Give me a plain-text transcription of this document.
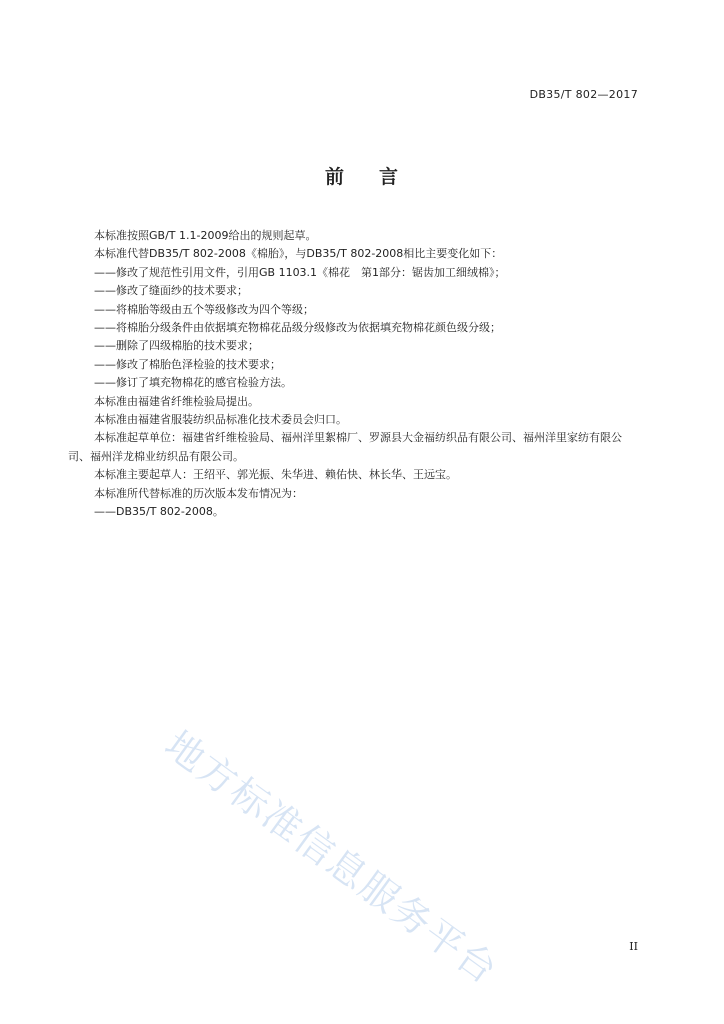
DB35/T 802—2017
前 言

本标准按照GB/T 1.1-2009给出的规则起草。

本标准代替DB35/T 802-2008《棉胎》，与DB35/T 802-2008相比主要变化如下：

——修改了规范性引用文件，引用GB 1103.1《棉花　第1部分：锯齿加工细绒棉》；

——修改了缝面纱的技术要求；

——将棉胎等级由五个等级修改为四个等级；

——将棉胎分级条件由依据填充物棉花品级分级修改为依据填充物棉花颜色级分级；

——删除了四级棉胎的技术要求；

——修改了棉胎色泽检验的技术要求；

——修订了填充物棉花的感官检验方法。

本标准由福建省纤维检验局提出。

本标准由福建省服装纺织品标准化技术委员会归口。

本标准起草单位：福建省纤维检验局、福州洋里絮棉厂、罗源县大金福纺织品有限公司、福州洋里家纺有限公司、福州洋龙棉业纺织品有限公司。

本标准主要起草人：王绍平、郭光振、朱华进、赖佑快、林长华、王远宝。

本标准所代替标准的历次版本发布情况为：

——DB35/T 802-2008。

地方标准信息服务平台	II
